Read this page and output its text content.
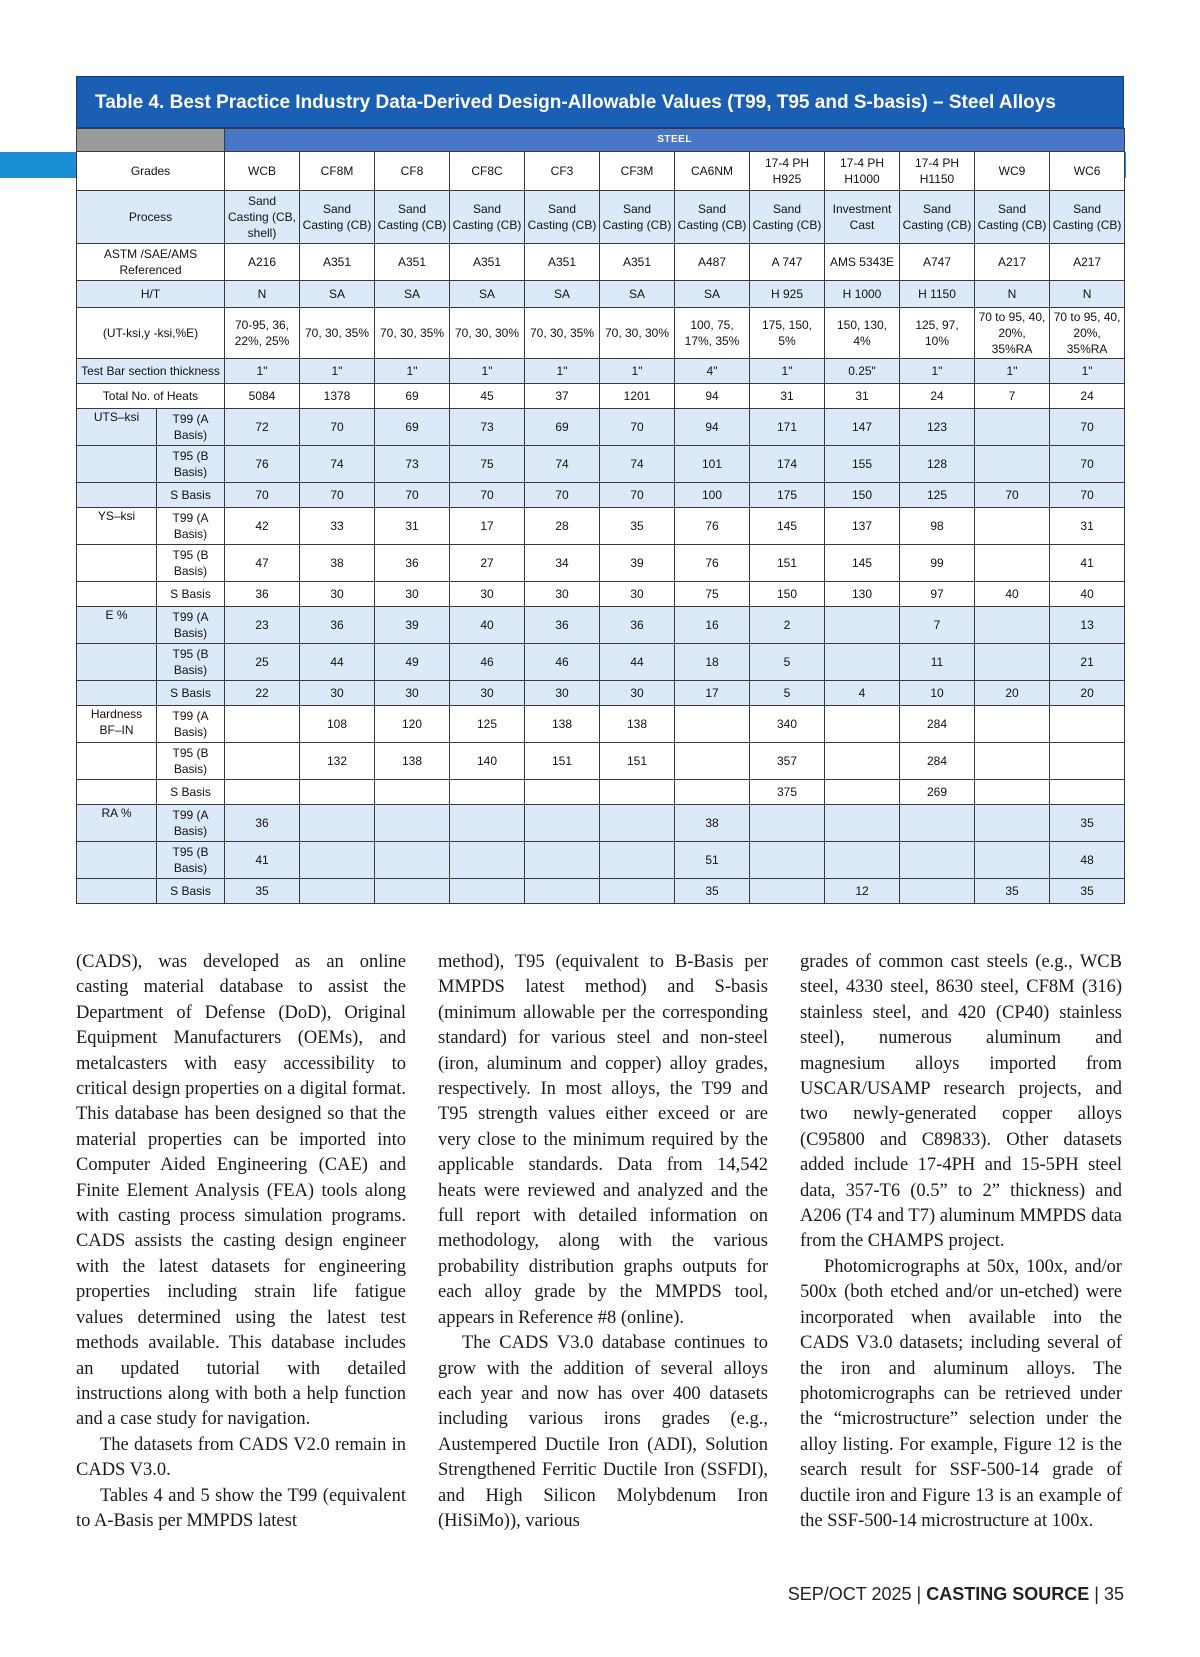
Table 4. Best Practice Industry Data-Derived Design-Allowable Values (T99, T95 and S-basis) – Steel Alloys
		STEEL											
Grades		WCB	CF8M	CF8	CF8C	CF3	CF3M	CA6NM	17-4 PH H925	17-4 PH H1000	17-4 PH H1150	WC9	WC6
Process		Sand Casting (CB, shell)	Sand Casting (CB)	Sand Casting (CB)	Sand Casting (CB)	Sand Casting (CB)	Sand Casting (CB)	Sand Casting (CB)	Sand Casting (CB)	Investment Cast	Sand Casting (CB)	Sand Casting (CB)	Sand Casting (CB)
ASTM /SAE/AMS Referenced		A216	A351	A351	A351	A351	A351	A487	A 747	AMS 5343E	A747	A217	A217
H/T		N	SA	SA	SA	SA	SA	SA	H 925	H 1000	H 1150	N	N
(UT-ksi,y -ksi,%E)		70-95, 36, 22%, 25%	70, 30, 35%	70, 30, 35%	70, 30, 30%	70, 30, 35%	70, 30, 30%	100, 75, 17%, 35%	175, 150, 5%	150, 130, 4%	125, 97, 10%	70 to 95, 40, 20%, 35%RA	70 to 95, 40, 20%, 35%RA
Test Bar section thickness		1"	1"	1"	1"	1"	1"	4"	1"	0.25"	1"	1"	1"
Total No. of Heats		5084	1378	69	45	37	1201	94	31	31	24	7	24
UTS–ksi	T99 (A Basis)	72	70	69	73	69	70	94	171	147	123		70
	T95 (B Basis)	76	74	73	75	74	74	101	174	155	128		70
	S Basis	70	70	70	70	70	70	100	175	150	125	70	70
YS–ksi	T99 (A Basis)	42	33	31	17	28	35	76	145	137	98		31
	T95 (B Basis)	47	38	36	27	34	39	76	151	145	99		41
	S Basis	36	30	30	30	30	30	75	150	130	97	40	40
E %	T99 (A Basis)	23	36	39	40	36	36	16	2		7		13
	T95 (B Basis)	25	44	49	46	46	44	18	5		11		21
	S Basis	22	30	30	30	30	30	17	5	4	10	20	20
Hardness BF–IN	T99 (A Basis)		108	120	125	138	138		340		284		
	T95 (B Basis)		132	138	140	151	151		357		284		
	S Basis								375		269		
RA %	T99 (A Basis)	36						38					35
	T95 (B Basis)	41						51					48
	S Basis	35						35		12		35	35

(CADS), was developed as an online casting material database to assist the Department of Defense (DoD), Original Equipment Manufacturers (OEMs), and metalcasters with easy accessibility to critical design properties on a digital format. This database has been designed so that the material properties can be imported into Computer Aided Engineering (CAE) and Finite Element Analysis (FEA) tools along with casting process simulation programs. CADS assists the casting design engineer with the latest datasets for engineering properties including strain life fatigue values determined using the latest test methods available. This database includes an updated tutorial with detailed instructions along with both a help function and a case study for navigation.

The datasets from CADS V2.0 remain in CADS V3.0.

Tables 4 and 5 show the T99 (equivalent to A-Basis per MMPDS latest

method), T95 (equivalent to B-Basis per MMPDS latest method) and S-basis (minimum allowable per the corresponding standard) for various steel and non-steel (iron, aluminum and copper) alloy grades, respectively. In most alloys, the T99 and T95 strength values either exceed or are very close to the minimum required by the applicable standards. Data from 14,542 heats were reviewed and analyzed and the full report with detailed information on methodology, along with the various probability distribution graphs outputs for each alloy grade by the MMPDS tool, appears in Reference #8 (online).

The CADS V3.0 database continues to grow with the addition of several alloys each year and now has over 400 datasets including various irons grades (e.g., Austempered Ductile Iron (ADI), Solution Strengthened Ferritic Ductile Iron (SSFDI), and High Silicon Molybdenum Iron (HiSiMo)), various

grades of common cast steels (e.g., WCB steel, 4330 steel, 8630 steel, CF8M (316) stainless steel, and 420 (CP40) stainless steel), numerous aluminum and magnesium alloys imported from USCAR/USAMP research projects, and two newly-generated copper alloys (C95800 and C89833). Other datasets added include 17-4PH and 15-5PH steel data, 357-T6 (0.5” to 2” thickness) and A206 (T4 and T7) aluminum MMPDS data from the CHAMPS project.

Photomicrographs at 50x, 100x, and/or 500x (both etched and/or un-etched) were incorporated when available into the CADS V3.0 datasets; including several of the iron and aluminum alloys. The photomicrographs can be retrieved under the “microstructure” selection under the alloy listing. For example, Figure 12 is the search result for SSF-500-14 grade of ductile iron and Figure 13 is an example of the SSF-500-14 microstructure at 100x.

SEP/OCT 2025 | CASTING SOURCE | 35
